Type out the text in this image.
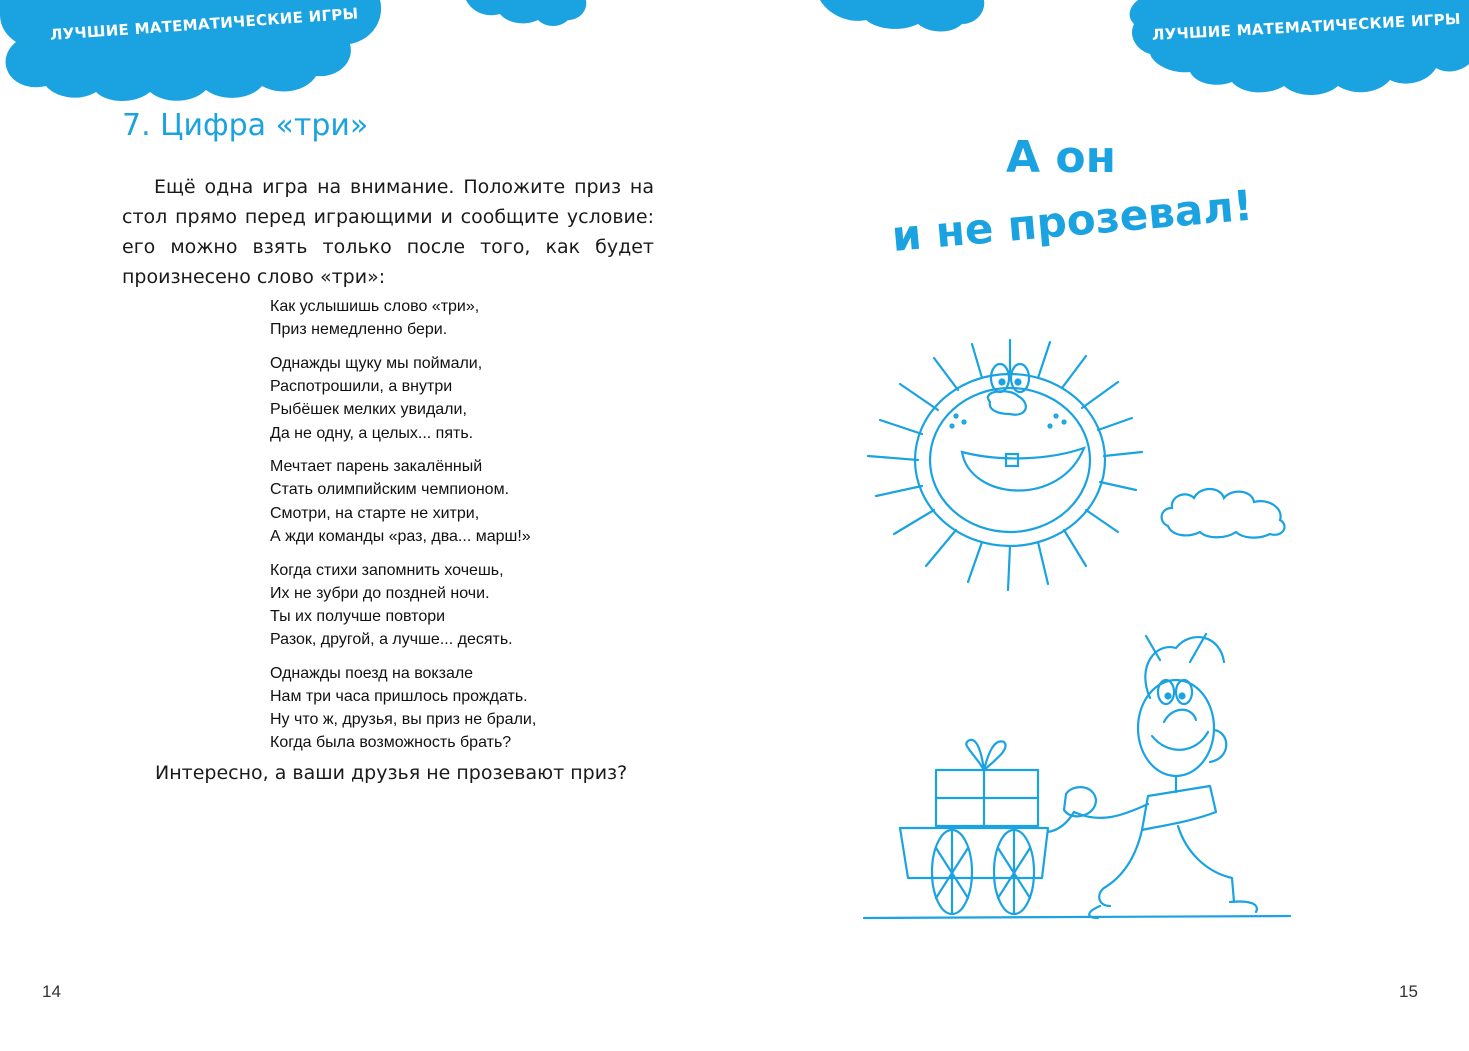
ЛУЧШИЕ МАТЕМАТИЧЕСКИЕ ИГРЫ
7. Цифра «три»

Ещё одна игра на внимание. Положите приз на стол прямо перед играющими и сообщите условие: его можно взять только после того, как будет произнесено слово «три»:

Как услышишь слово «три»,
Приз немедленно бери.
Однажды щуку мы поймали,
Распотрошили, а внутри
Рыбёшек мелких увидали,
Да не одну, а целых... пять.
Мечтает парень закалённый
Стать олимпийским чемпионом.
Смотри, на старте не хитри,
А жди команды «раз, два... марш!»
Когда стихи запомнить хочешь,
Их не зубри до поздней ночи.
Ты их получше повтори
Разок, другой, а лучше... десять.
Однажды поезд на вокзале
Нам три часа пришлось прождать.
Ну что ж, друзья, вы приз не брали,
Когда была возможность брать?

Интересно, а ваши друзья не прозевают приз?

14
ЛУЧШИЕ МАТЕМАТИЧЕСКИЕ ИГРЫ
А он
и не прозевал!
15
